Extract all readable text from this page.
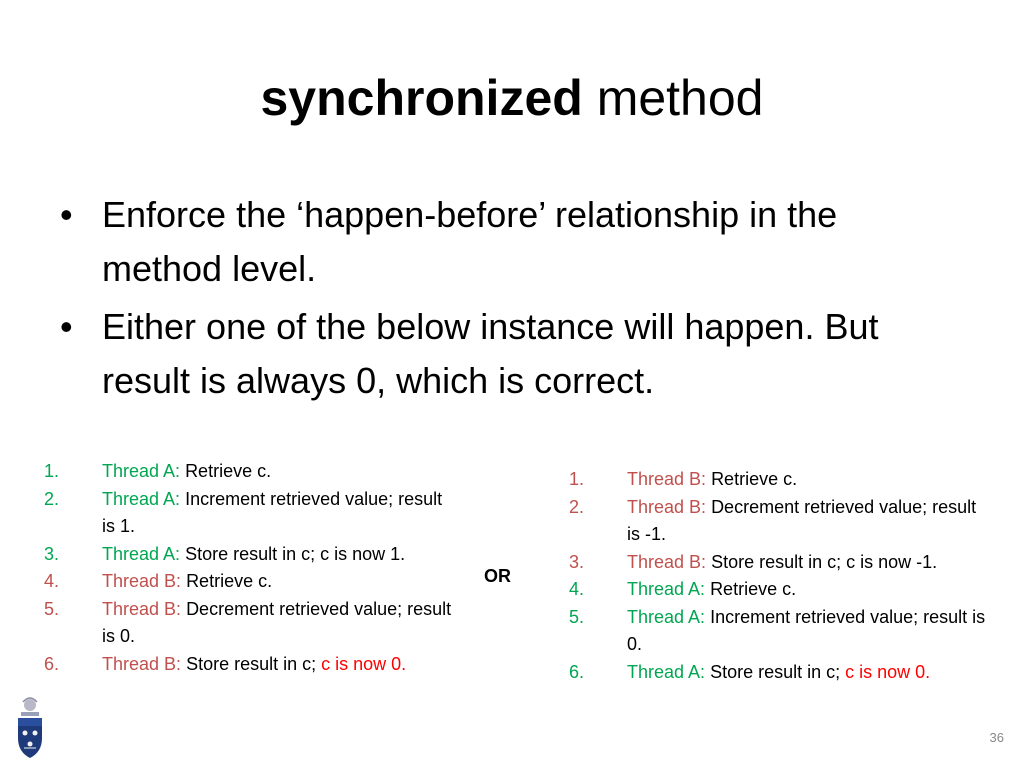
synchronized method
• Enforce the ‘happen-before’ relationship in the method level.
• Either one of the below instance will happen. But result is always 0, which is correct.
1. Thread A: Retrieve c.
2. Thread A: Increment retrieved value; result is 1.
3. Thread A: Store result in c; c is now 1.
4. Thread B: Retrieve c.
5. Thread B: Decrement retrieved value; result is 0.
6. Thread B: Store result in c; c is now 0.
OR
1. Thread B: Retrieve c.
2. Thread B: Decrement retrieved value; result is -1.
3. Thread B: Store result in c; c is now -1.
4. Thread A: Retrieve c.
5. Thread A: Increment retrieved value; result is 0.
6. Thread A: Store result in c; c is now 0.
36
